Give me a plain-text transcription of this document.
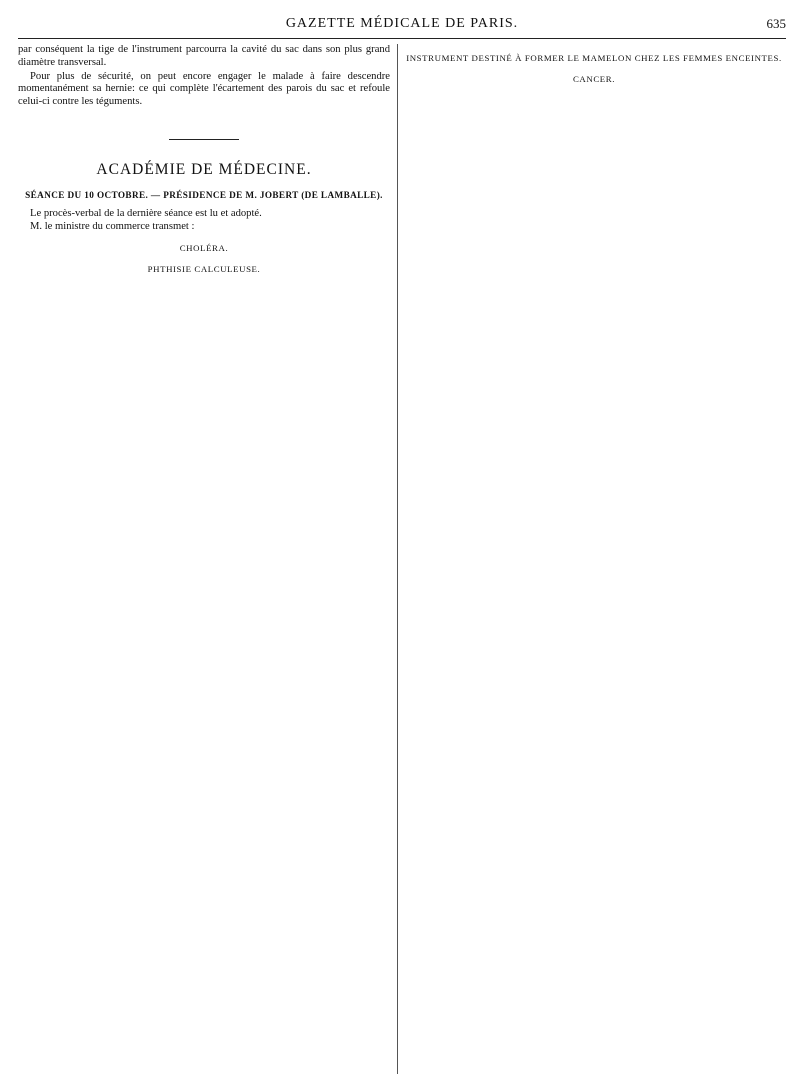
GAZETTE MÉDICALE DE PARIS.	635

par conséquent la tige de l'instrument parcourra la cavité du sac dans son plus grand diamètre transversal.

Pour plus de sécurité, on peut encore engager le malade à faire descendre momentanément sa hernie: ce qui complète l'écartement des parois du sac et refoule celui-ci contre les téguments.

ACADÉMIE DE MÉDECINE.
SÉANCE DU 10 OCTOBRE. — PRÉSIDENCE DE M. JOBERT (DE LAMBALLE).

Le procès-verbal de la dernière séance est lu et adopté.

M. le ministre du commerce transmet :

CHOLÉRA.
PHTHISIE CALCULEUSE.
INSTRUMENT DESTINÉ À FORMER LE MAMELON CHEZ LES FEMMES ENCEINTES.
CANCER.
